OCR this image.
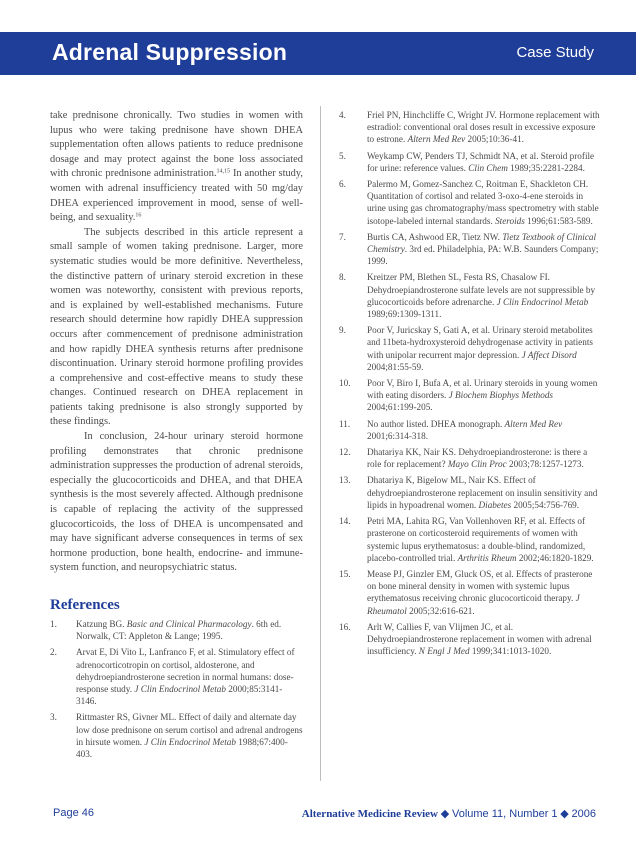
Adrenal Suppression	Case Study

take prednisone chronically. Two studies in women with lupus who were taking prednisone have shown DHEA supplementation often allows patients to reduce prednisone dosage and may protect against the bone loss associated with chronic prednisone administration.$^{14,15}$ In another study, women with adrenal insufficiency treated with 50 mg/day DHEA experienced improvement in mood, sense of well-being, and sexuality.$^{16}$

The subjects described in this article represent a small sample of women taking prednisone. Larger, more systematic studies would be more definitive. Nevertheless, the distinctive pattern of urinary steroid excretion in these women was noteworthy, consistent with previous reports, and is explained by well-established mechanisms. Future research should determine how rapidly DHEA suppression occurs after commencement of prednisone administration and how rapidly DHEA synthesis returns after prednisone discontinuation. Urinary steroid hormone profiling provides a comprehensive and cost-effective means to study these changes. Continued research on DHEA replacement in patients taking prednisone is also strongly supported by these findings.

In conclusion, 24-hour urinary steroid hormone profiling demonstrates that chronic prednisone administration suppresses the production of adrenal steroids, especially the glucocorticoids and DHEA, and that DHEA synthesis is the most severely affected. Although prednisone is capable of replacing the activity of the suppressed glucocorticoids, the loss of DHEA is uncompensated and may have significant adverse consequences in terms of sex hormone production, bone health, endocrine- and immune-system function, and neuropsychiatric status.

References
1.	Katzung BG. Basic and Clinical Pharmacology. 6th ed. Norwalk, CT: Appleton & Lange; 1995.
2.	Arvat E, Di Vito L, Lanfranco F, et al. Stimulatory effect of adrenocorticotropin on cortisol, aldosterone, and dehydroepiandrosterone secretion in normal humans: dose-response study. J Clin Endocrinol Metab 2000;85:3141-3146.
3.	Rittmaster RS, Givner ML. Effect of daily and alternate day low dose prednisone on serum cortisol and adrenal androgens in hirsute women. J Clin Endocrinol Metab 1988;67:400-403.
4.	Friel PN, Hinchcliffe C, Wright JV. Hormone replacement with estradiol: conventional oral doses result in excessive exposure to estrone. Altern Med Rev 2005;10:36-41.
5.	Weykamp CW, Penders TJ, Schmidt NA, et al. Steroid profile for urine: reference values. Clin Chem 1989;35:2281-2284.
6.	Palermo M, Gomez-Sanchez C, Roitman E, Shackleton CH. Quantitation of cortisol and related 3-oxo-4-ene steroids in urine using gas chromatography/mass spectrometry with stable isotope-labeled internal standards. Steroids 1996;61:583-589.
7.	Burtis CA, Ashwood ER, Tietz NW. Tietz Textbook of Clinical Chemistry. 3rd ed. Philadelphia, PA: W.B. Saunders Company; 1999.
8.	Kreitzer PM, Blethen SL, Festa RS, Chasalow FI. Dehydroepiandrosterone sulfate levels are not suppressible by glucocorticoids before adrenarche. J Clin Endocrinol Metab 1989;69:1309-1311.
9.	Poor V, Juricskay S, Gati A, et al. Urinary steroid metabolites and 11beta-hydroxysteroid dehydrogenase activity in patients with unipolar recurrent major depression. J Affect Disord 2004;81:55-59.
10.	Poor V, Biro I, Bufa A, et al. Urinary steroids in young women with eating disorders. J Biochem Biophys Methods 2004;61:199-205.
11.	No author listed. DHEA monograph. Altern Med Rev 2001;6:314-318.
12.	Dhatariya KK, Nair KS. Dehydroepiandrosterone: is there a role for replacement? Mayo Clin Proc 2003;78:1257-1273.
13.	Dhatariya K, Bigelow ML, Nair KS. Effect of dehydroepiandrosterone replacement on insulin sensitivity and lipids in hypoadrenal women. Diabetes 2005;54:756-769.
14.	Petri MA, Lahita RG, Van Vollenhoven RF, et al. Effects of prasterone on corticosteroid requirements of women with systemic lupus erythematosus: a double-blind, randomized, placebo-controlled trial. Arthritis Rheum 2002;46:1820-1829.
15.	Mease PJ, Ginzler EM, Gluck OS, et al. Effects of prasterone on bone mineral density in women with systemic lupus erythematosus receiving chronic glucocorticoid therapy. J Rheumatol 2005;32:616-621.
16.	Arlt W, Callies F, van Vlijmen JC, et al. Dehydroepiandrosterone replacement in women with adrenal insufficiency. N Engl J Med 1999;341:1013-1020.
Page 46	Alternative Medicine Review ◆ Volume 11, Number 1 ◆ 2006
